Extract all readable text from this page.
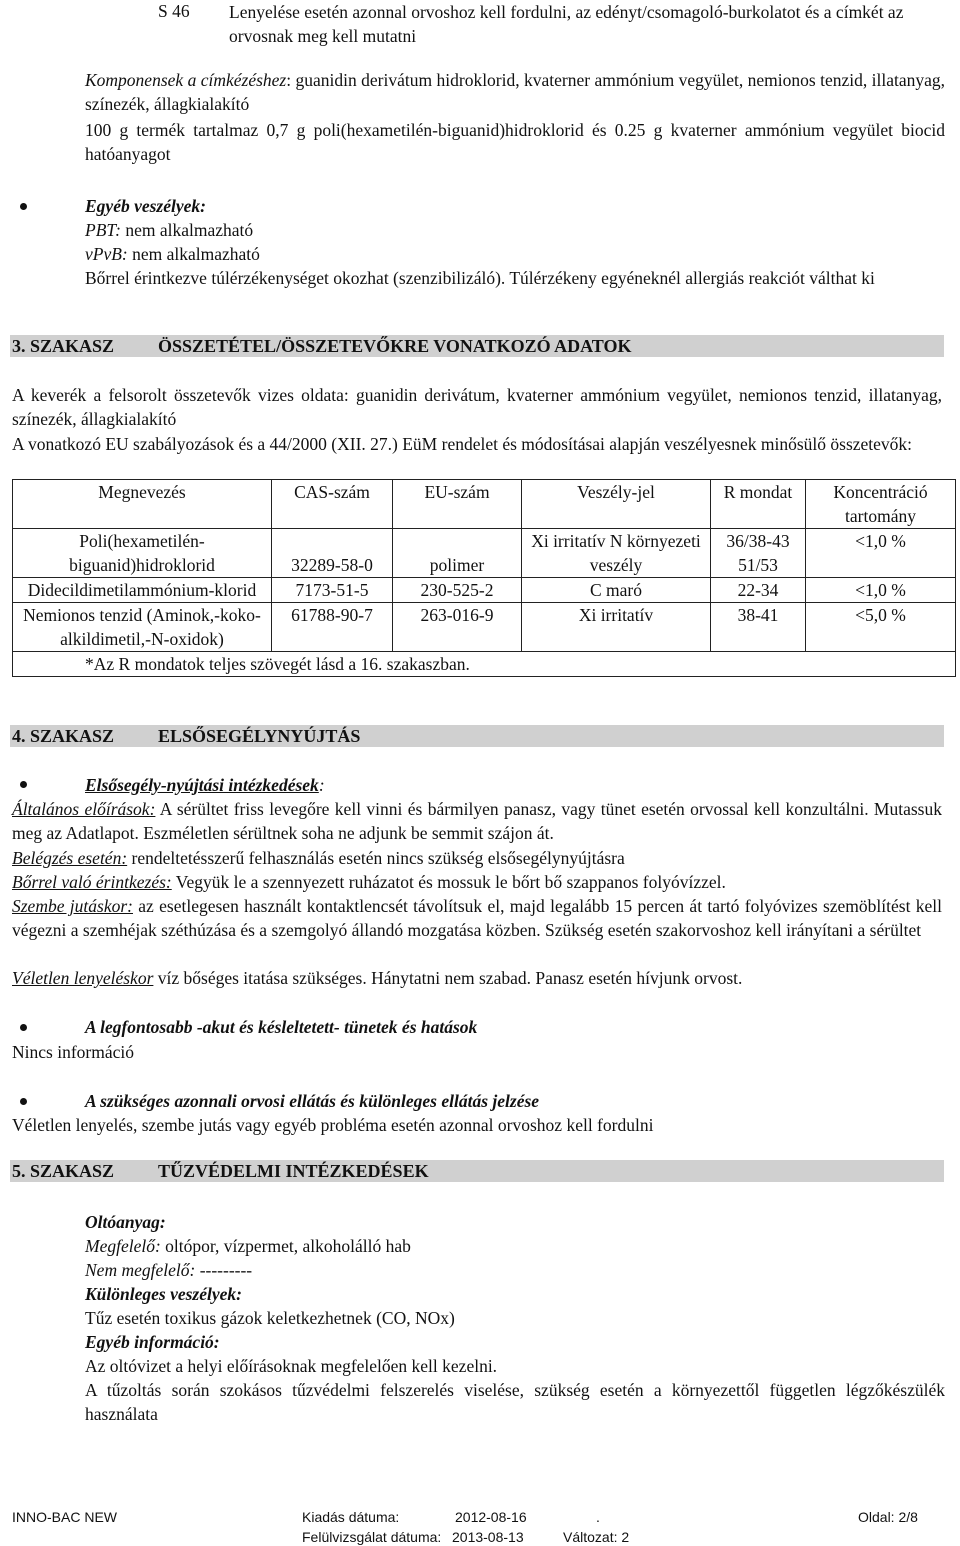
S 46 Lenyelése esetén azonnal orvoshoz kell fordulni, az edényt/csomagoló-burkolatot és a címkét az orvosnak meg kell mutatni
Komponensek a címkézéshez: guanidin derivátum hidroklorid, kvaterner ammónium vegyület, nemionos tenzid, illatanyag, színezék, állagkialakító
100 g termék tartalmaz 0,7 g poli(hexametilén-biguanid)hidroklorid és 0.25 g kvaterner ammónium vegyület biocid hatóanyagot
Egyéb veszélyek:
PBT: nem alkalmazható
vPvB: nem alkalmazható
Bőrrel érintkezve túlérzékenységet okozhat (szenzibilizáló). Túlérzékeny egyéneknél allergiás reakciót válthat ki
3. SZAKASZ ÖSSZETÉTEL/ÖSSZETEVŐKRE VONATKOZÓ ADATOK
A keverék a felsorolt összetevők vizes oldata: guanidin derivátum, kvaterner ammónium vegyület, nemionos tenzid, illatanyag, színezék, állagkialakító
A vonatkozó EU szabályozások és a 44/2000 (XII. 27.) EüM rendelet és módosításai alapján veszélyesnek minősülő összetevők:
Megnevezés	CAS-szám	EU-szám	Veszély-jel	R mondat	Koncentráció tartomány
Poli(hexametilén-biguanid)hidroklorid	32289-58-0	polimer	Xi irritatív N környezeti veszély	36/38-43 51/53	<1,0 %
Didecildimetilammónium-klorid	7173-51-5	230-525-2	C maró	22-34	<1,0 %
Nemionos tenzid (Aminok,-koko-alkildimetil,-N-oxidok)	61788-90-7	263-016-9	Xi irritatív	38-41	<5,0 %
*Az R mondatok teljes szövegét lásd a 16. szakaszban.					
4. SZAKASZ ELSŐSEGÉLYNYÚJTÁS
Elsősegély-nyújtási intézkedések:
Általános előírások: A sérültet friss levegőre kell vinni és bármilyen panasz, vagy tünet esetén orvossal kell konzultálni. Mutassuk meg az Adatlapot. Eszméletlen sérültnek soha ne adjunk be semmit szájon át.
Belégzés esetén: rendeltetésszerű felhasználás esetén nincs szükség elsősegélynyújtásra
Bőrrel való érintkezés: Vegyük le a szennyezett ruházatot és mossuk le bőrt bő szappanos folyóvízzel.
Szembe jutáskor: az esetlegesen használt kontaktlencsét távolítsuk el, majd legalább 15 percen át tartó folyóvizes szemöblítést kell végezni a szemhéjak széthúzása és a szemgolyó állandó mozgatása közben. Szükség esetén szakorvoshoz kell irányítani a sérültet
Véletlen lenyeléskor víz bőséges itatása szükséges. Hánytatni nem szabad. Panasz esetén hívjunk orvost.
A legfontosabb -akut és késleltetett- tünetek és hatások
Nincs információ
A szükséges azonnali orvosi ellátás és különleges ellátás jelzése
Véletlen lenyelés, szembe jutás vagy egyéb probléma esetén azonnal orvoshoz kell fordulni
5. SZAKASZ TŰZVÉDELMI INTÉZKEDÉSEK
Oltóanyag:
Megfelelő: oltópor, vízpermet, alkoholálló hab
Nem megfelelő: ---------
Különleges veszélyek:
Tűz esetén toxikus gázok keletkezhetnek (CO, NOx)
Egyéb információ:
Az oltóvizet a helyi előírásoknak megfelelően kell kezelni.
A tűzoltás során szokásos tűzvédelmi felszerelés viselése, szükség esetén a környezettől független légzőkészülék használata
INNO-BAC NEW	Kiadás dátuma:	2012-08-16	.	Oldal: 2/8
Felülvizsgálat dátuma: 2013-08-13	Változat: 2
